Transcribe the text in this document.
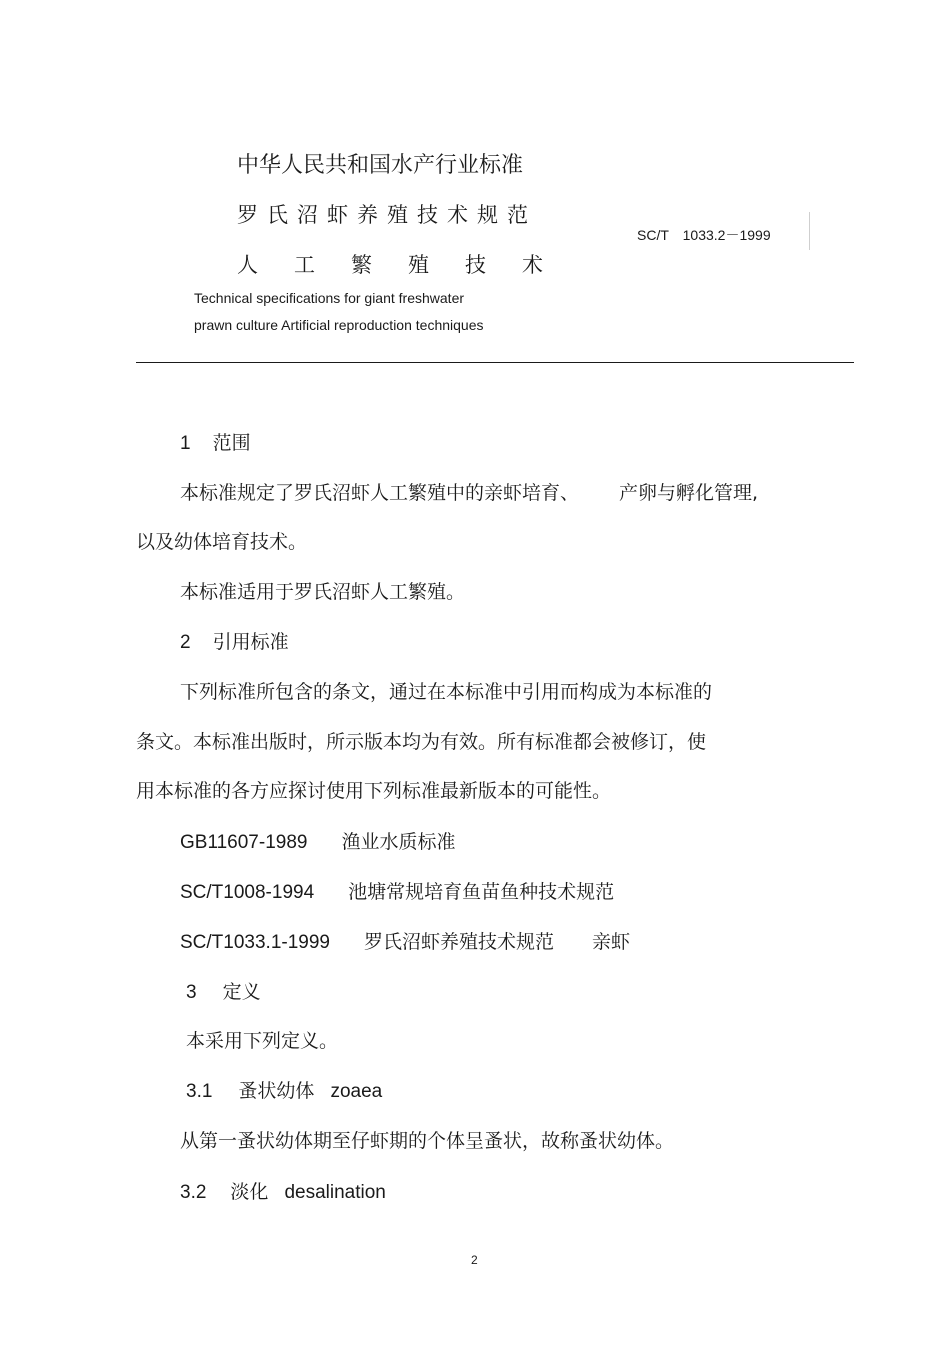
中华人民共和国水产行业标准
罗氏沼虾养殖技术规范
人工繁殖技术
SC/T　1033.2－1999
Technical specifications for giant freshwater
prawn culture Artificial reproduction techniques
1 范围
本标准规定了罗氏沼虾人工繁殖中的亲虾培育、 产卵与孵化管理,
以及幼体培育技术。
本标准适用于罗氏沼虾人工繁殖。
2 引用标准
下列标准所包含的条文，通过在本标准中引用而构成为本标准的
条文。本标准出版时，所示版本均为有效。所有标准都会被修订，使
用本标准的各方应探讨使用下列标准最新版本的可能性。
GB11607-1989 渔业水质标准
SC/T1008-1994 池塘常规培育鱼苗鱼种技术规范
SC/T1033.1-1999 罗氏沼虾养殖技术规范 亲虾
3 定义
本采用下列定义。
3.1 蚤状幼体 zoaea
从第一蚤状幼体期至仔虾期的个体呈蚤状，故称蚤状幼体。
3.2 淡化 desalination
2
